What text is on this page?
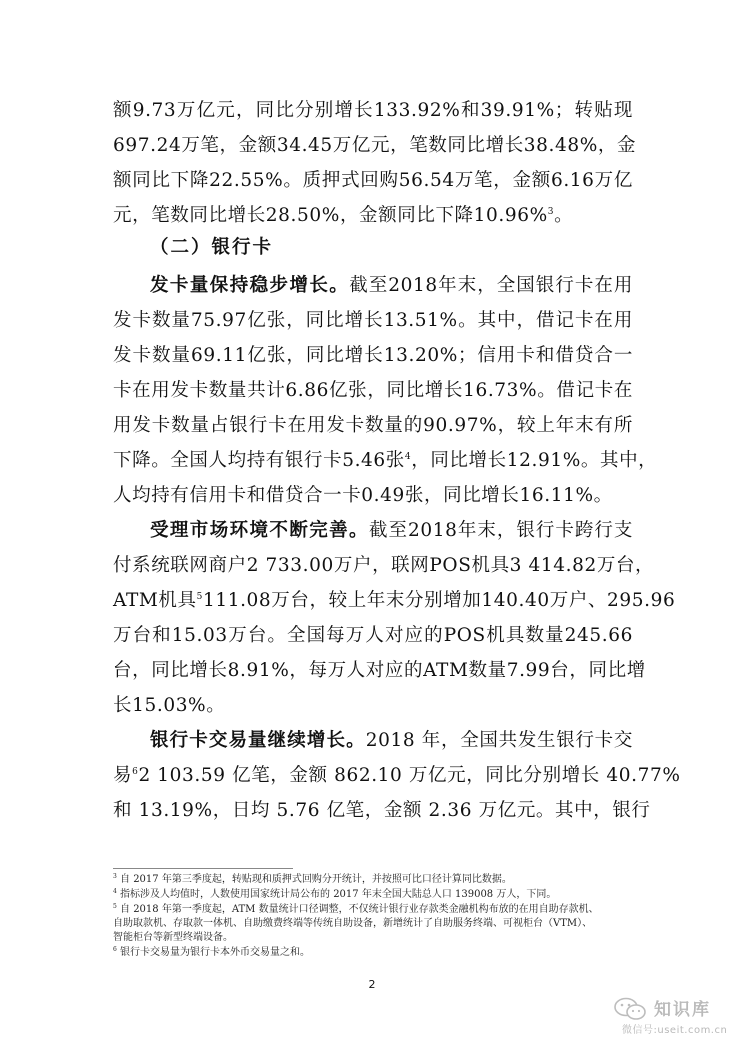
额9.73万亿元，同比分别增长133.92%和39.91%；转贴现
697.24万笔，金额34.45万亿元，笔数同比增长38.48%，金
额同比下降22.55%。质押式回购56.54万笔，金额6.16万亿
元，笔数同比增长28.50%，金额同比下降10.96%$^3$。
（二）银行卡
发卡量保持稳步增长。截至2018年末，全国银行卡在用
发卡数量75.97亿张，同比增长13.51%。其中，借记卡在用
发卡数量69.11亿张，同比增长13.20%；信用卡和借贷合一
卡在用发卡数量共计6.86亿张，同比增长16.73%。借记卡在
用发卡数量占银行卡在用发卡数量的90.97%，较上年末有所
下降。全国人均持有银行卡5.46张$^4$，同比增长12.91%。其中，
人均持有信用卡和借贷合一卡0.49张，同比增长16.11%。
受理市场环境不断完善。截至2018年末，银行卡跨行支
付系统联网商户2 733.00万户，联网POS机具3 414.82万台，
ATM机具$^5$111.08万台，较上年末分别增加140.40万户、295.96
万台和15.03万台。全国每万人对应的POS机具数量245.66
台，同比增长8.91%，每万人对应的ATM数量7.99台，同比增
长15.03%。
银行卡交易量继续增长。2018 年，全国共发生银行卡交
易$^6$2 103.59 亿笔，金额 862.10 万亿元，同比分别增长 40.77%
和 13.19%，日均 5.76 亿笔，金额 2.36 万亿元。其中，银行
$^3$ 自 2017 年第三季度起，转贴现和质押式回购分开统计，并按照可比口径计算同比数据。
$^4$ 指标涉及人均值时，人数使用国家统计局公布的 2017 年末全国大陆总人口 139008 万人，下同。
$^5$ 自 2018 年第一季度起，ATM 数量统计口径调整，不仅统计银行业存款类金融机构布放的在用自助存款机、
自助取款机、存取款一体机、自助缴费终端等传统自助设备，新增统计了自助服务终端、可视柜台（VTM）、
智能柜台等新型终端设备。
$^6$ 银行卡交易量为银行卡本外币交易量之和。
2
知识库
微信号:useit.com.cn
